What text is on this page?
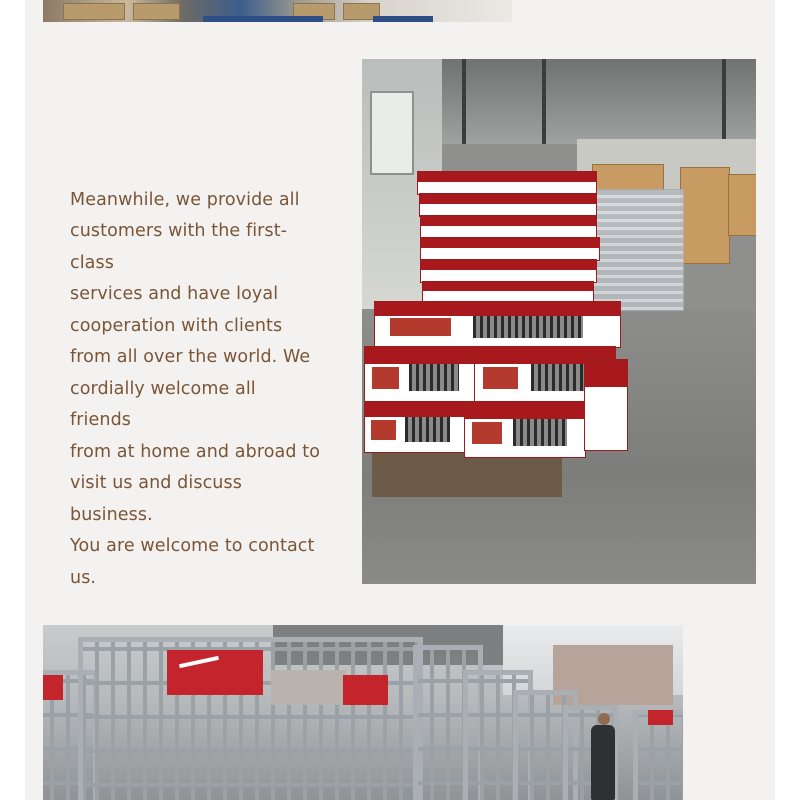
Meanwhile, we provide all
customers with the first-class
services and have loyal
cooperation with clients
from all over the world. We
cordially welcome all friends
from at home and abroad to
visit us and discuss business.
You are welcome to contact
us.
